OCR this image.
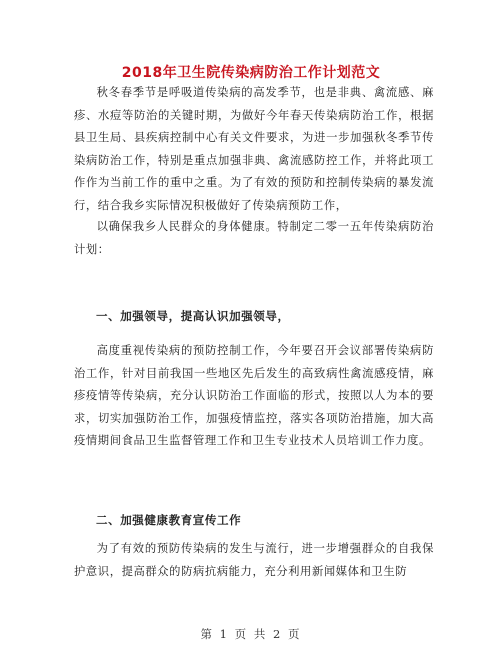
2018年卫生院传染病防治工作计划范文

秋冬春季节是呼吸道传染病的高发季节，也是非典、禽流感、麻疹、水痘等防治的关键时期，为做好今年春天传染病防治工作，根据县卫生局、县疾病控制中心有关文件要求，为进一步加强秋冬季节传染病防治工作，特别是重点加强非典、禽流感防控工作，并将此项工作作为当前工作的重中之重。为了有效的预防和控制传染病的暴发流行，结合我乡实际情况积极做好了传染病预防工作，

以确保我乡人民群众的身体健康。特制定二零一五年传染病防治计划：

一、加强领导，提高认识加强领导，

高度重视传染病的预防控制工作，今年要召开会议部署传染病防治工作，针对目前我国一些地区先后发生的高致病性禽流感疫情，麻疹疫情等传染病，充分认识防治工作面临的形式，按照以人为本的要求，切实加强防治工作，加强疫情监控，落实各项防治措施，加大高疫情期间食品卫生监督管理工作和卫生专业技术人员培训工作力度。

二、加强健康教育宣传工作

为了有效的预防传染病的发生与流行，进一步增强群众的自我保护意识，提高群众的防病抗病能力，充分利用新闻媒体和卫生防

第 1 页 共 2 页
